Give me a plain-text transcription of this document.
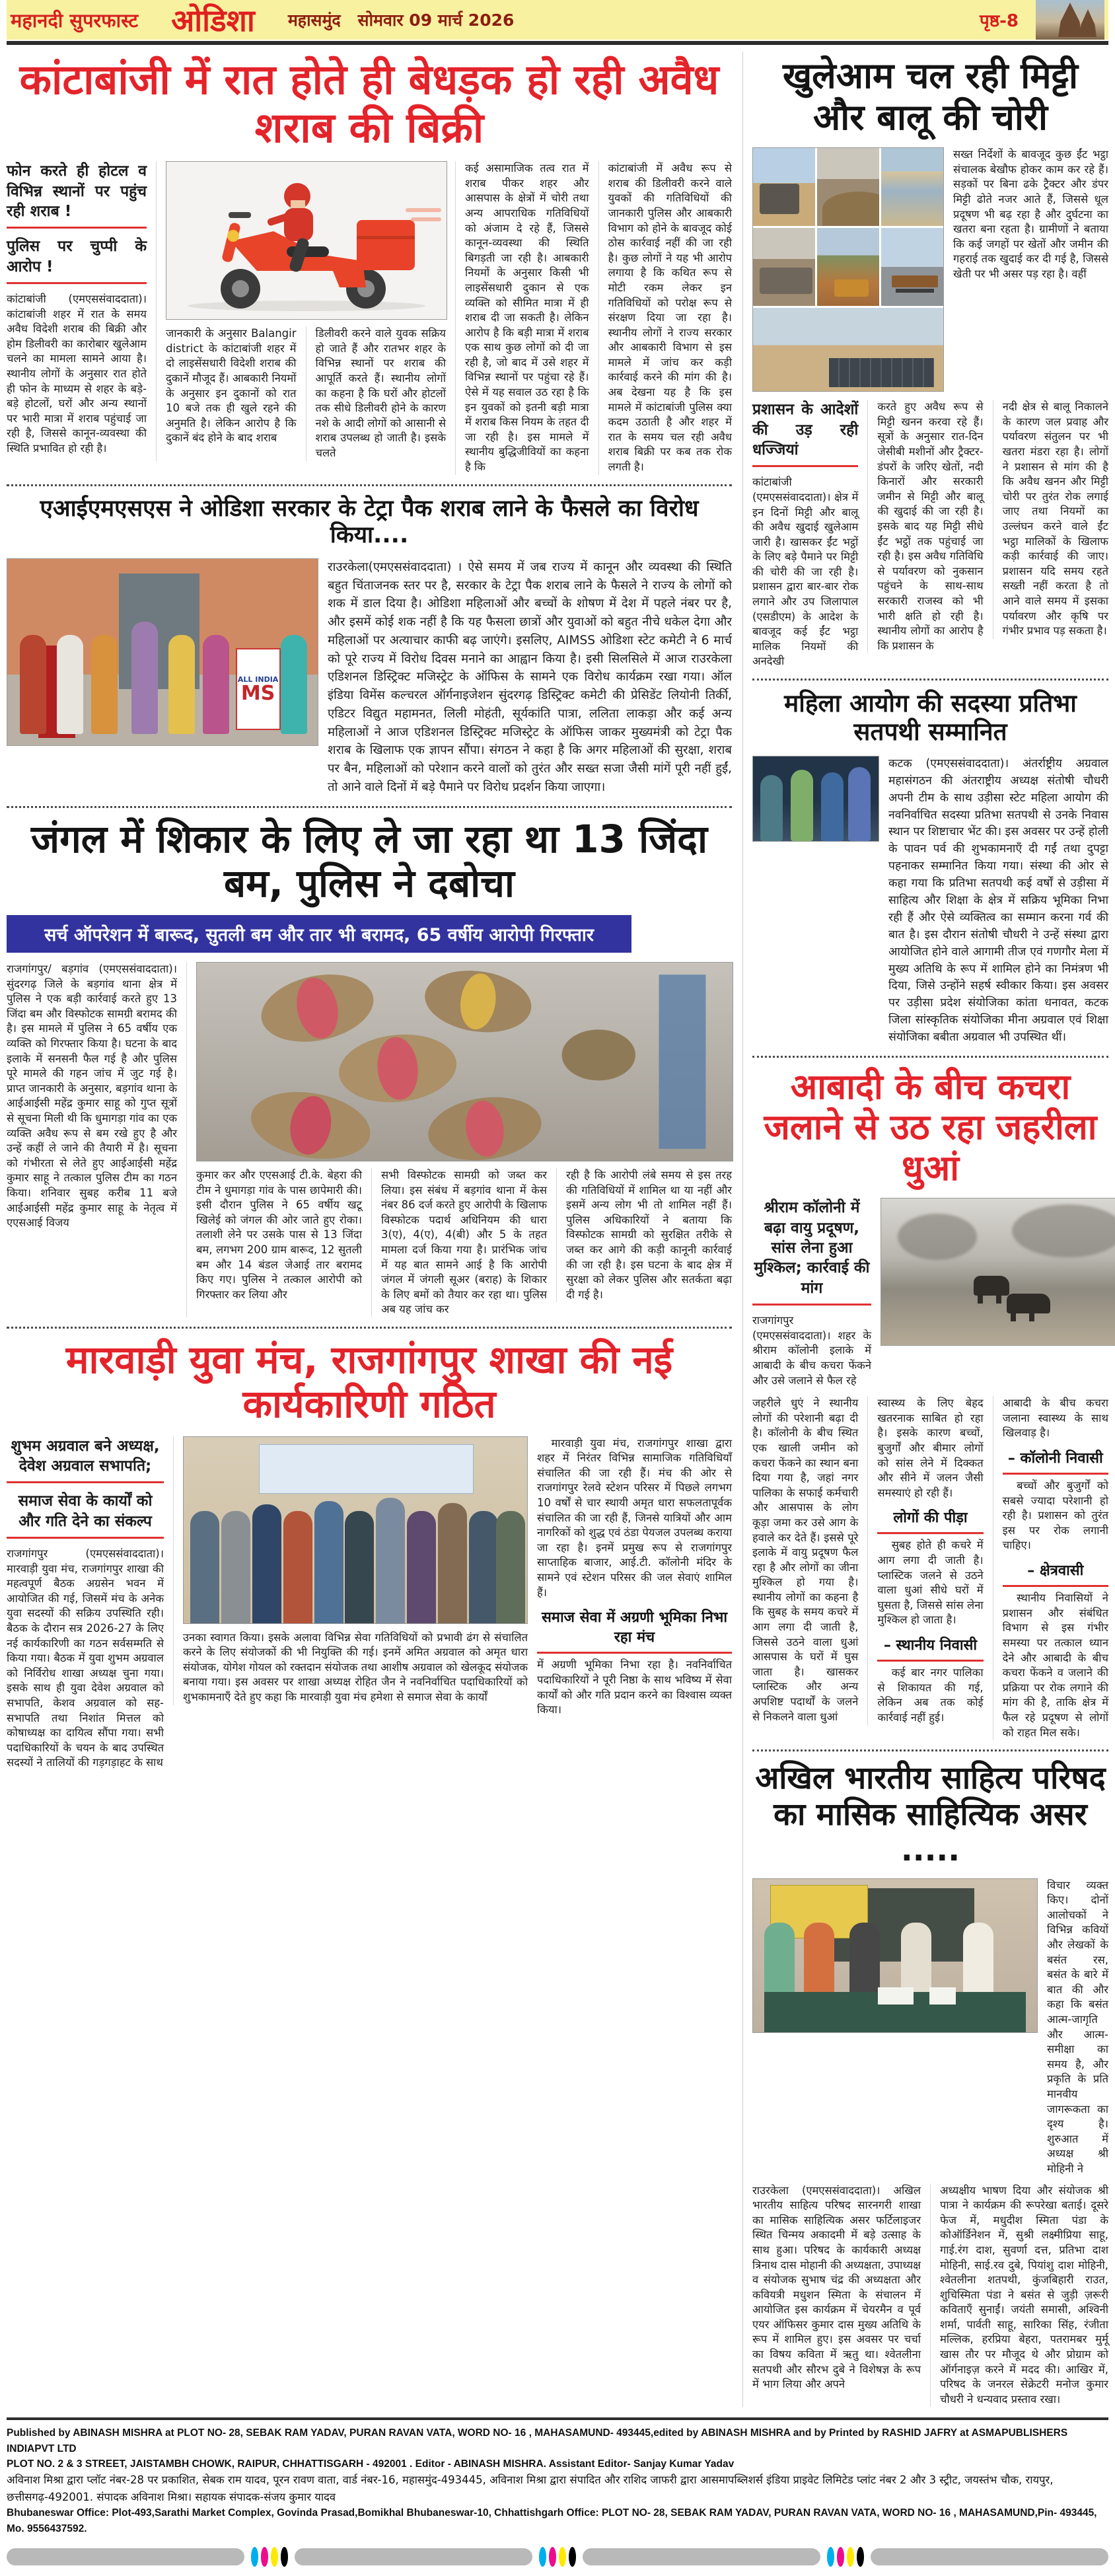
महानदी सुपरफास्ट ओडिशा महासमुंद सोमवार 09 मार्च 2026	पृष्ठ-8
कांटाबांजी में रात होते ही बेधड़क हो रही अवैध शराब की बिक्री
फोन करते ही होटल व विभिन्न स्थानों पर पहुंच रही शराब !
पुलिस पर चुप्पी के आरोप !
कांटाबांजी (एमएससंवाददाता)। कांटाबांजी शहर में रात के समय अवैध विदेशी शराब की बिक्री और होम डिलीवरी का कारोबार खुलेआम चलने का मामला सामने आया है। स्थानीय लोगों के अनुसार रात होते ही फोन के माध्यम से शहर के बड़े-बड़े होटलों, घरों और अन्य स्थानों पर भारी मात्रा में शराब पहुंचाई जा रही है, जिससे कानून-व्यवस्था की स्थिति प्रभावित हो रही है।
जानकारी के अनुसार Balangir district के कांटाबांजी शहर में दो लाइसेंसधारी विदेशी शराब की दुकानें मौजूद हैं। आबकारी नियमों के अनुसार इन दुकानों को रात 10 बजे तक ही खुले रहने की अनुमति है। लेकिन आरोप है कि दुकानें बंद होने के बाद शराब
डिलीवरी करने वाले युवक सक्रिय हो जाते हैं और रातभर शहर के विभिन्न स्थानों पर शराब की आपूर्ति करते हैं। स्थानीय लोगों का कहना है कि घरों और होटलों तक सीधे डिलीवरी होने के कारण नशे के आदी लोगों को आसानी से शराब उपलब्ध हो जाती है। इसके चलते
कई असामाजिक तत्व रात में शराब पीकर शहर और आसपास के क्षेत्रों में चोरी तथा अन्य आपराधिक गतिविधियों को अंजाम दे रहे हैं, जिससे कानून-व्यवस्था की स्थिति बिगड़ती जा रही है। आबकारी नियमों के अनुसार किसी भी लाइसेंसधारी दुकान से एक व्यक्ति को सीमित मात्रा में ही शराब दी जा सकती है। लेकिन आरोप है कि बड़ी मात्रा में शराब एक साथ कुछ लोगों को दी जा रही है, जो बाद में उसे शहर में विभिन्न स्थानों पर पहुंचा रहे हैं। ऐसे में यह सवाल उठ रहा है कि इन युवकों को इतनी बड़ी मात्रा में शराब किस नियम के तहत दी जा रही है। इस मामले में स्थानीय बुद्धिजीवियों का कहना है कि
कांटाबांजी में अवैध रूप से शराब की डिलीवरी करने वाले युवकों की गतिविधियों की जानकारी पुलिस और आबकारी विभाग को होने के बावजूद कोई ठोस कार्रवाई नहीं की जा रही है। कुछ लोगों ने यह भी आरोप लगाया है कि कथित रूप से मोटी रकम लेकर इन गतिविधियों को परोक्ष रूप से संरक्षण दिया जा रहा है। स्थानीय लोगों ने राज्य सरकार और आबकारी विभाग से इस मामले में जांच कर कड़ी कार्रवाई करने की मांग की है। अब देखना यह है कि इस मामले में कांटाबांजी पुलिस क्या कदम उठाती है और शहर में रात के समय चल रही अवैध शराब बिक्री पर कब तक रोक लगती है।
एआईएमएसएस ने ओडिशा सरकार के टेट्रा पैक शराब लाने के फैसले का विरोध किया....
ALL INDIA
MS
राउरकेला(एमएससंवाददाता) । ऐसे समय में जब राज्य में कानून और व्यवस्था की स्थिति बहुत चिंताजनक स्तर पर है, सरकार के टेट्रा पैक शराब लाने के फैसले ने राज्य के लोगों को शक में डाल दिया है। ओडिशा महिलाओं और बच्चों के शोषण में देश में पहले नंबर पर है, और इसमें कोई शक नहीं है कि यह फैसला छात्रों और युवाओं को बहुत नीचे धकेल देगा और महिलाओं पर अत्याचार काफी बढ़ जाएंगे। इसलिए, AIMSS ओडिशा स्टेट कमेटी ने 6 मार्च को पूरे राज्य में विरोध दिवस मनाने का आह्वान किया है। इसी सिलसिले में आज राउरकेला एडिशनल डिस्ट्रिक्ट मजिस्ट्रेट के ऑफिस के सामने एक विरोध कार्यक्रम रखा गया। ऑल इंडिया विमेंस कल्चरल ऑर्गनाइजेशन सुंदरगढ़ डिस्ट्रिक्ट कमेटी की प्रेसिडेंट लियोनी तिर्की, एडिटर विद्युत महामनत, लिली मोहंती, सूर्यकांति पात्रा, ललिता लाकड़ा और कई अन्य महिलाओं ने आज एडिशनल डिस्ट्रिक्ट मजिस्ट्रेट के ऑफिस जाकर मुख्यमंत्री को टेट्रा पैक शराब के खिलाफ एक ज्ञापन सौंपा। संगठन ने कहा है कि अगर महिलाओं की सुरक्षा, शराब पर बैन, महिलाओं को परेशान करने वालों को तुरंत और सख्त सजा जैसी मांगें पूरी नहीं हुईं, तो आने वाले दिनों में बड़े पैमाने पर विरोध प्रदर्शन किया जाएगा।
जंगल में शिकार के लिए ले जा रहा था 13 जिंदा बम, पुलिस ने दबोचा
सर्च ऑपरेशन में बारूद, सुतली बम और तार भी बरामद, 65 वर्षीय आरोपी गिरफ्तार
राजगांगपुर/ बड़गांव (एमएससंवाददाता)। सुंदरगढ़ जिले के बड़गांव थाना क्षेत्र में पुलिस ने एक बड़ी कार्रवाई करते हुए 13 जिंदा बम और विस्फोटक सामग्री बरामद की है। इस मामले में पुलिस ने 65 वर्षीय एक व्यक्ति को गिरफ्तार किया है। घटना के बाद इलाके में सनसनी फैल गई है और पुलिस पूरे मामले की गहन जांच में जुट गई है। प्राप्त जानकारी के अनुसार, बड़गांव थाना के आईआईसी महेंद्र कुमार साहू को गुप्त सूत्रों से सूचना मिली थी कि धुमागड़ा गांव का एक व्यक्ति अवैध रूप से बम रखे हुए है और उन्हें कहीं ले जाने की तैयारी में है। सूचना को गंभीरता से लेते हुए आईआईसी महेंद्र कुमार साहू ने तत्काल पुलिस टीम का गठन किया। शनिवार सुबह करीब 11 बजे आईआईसी महेंद्र कुमार साहू के नेतृत्व में एएसआई विजय
कुमार कर और एएसआई टी.के. बेहरा की टीम ने धुमागड़ा गांव के पास छापेमारी की। इसी दौरान पुलिस ने 65 वर्षीय खटू खिलेई को जंगल की ओर जाते हुए रोका। तलाशी लेने पर उसके पास से 13 जिंदा बम, लगभग 200 ग्राम बारूद, 12 सुतली बम और 14 बंडल जेआई तार बरामद किए गए। पुलिस ने तत्काल आरोपी को गिरफ्तार कर लिया और
सभी विस्फोटक सामग्री को जब्त कर लिया। इस संबंध में बड़गांव थाना में केस नंबर 86 दर्ज करते हुए आरोपी के खिलाफ विस्फोटक पदार्थ अधिनियम की धारा 3(ए), 4(ए), 4(बी) और 5 के तहत मामला दर्ज किया गया है। प्रारंभिक जांच में यह बात सामने आई है कि आरोपी जंगल में जंगली सूअर (बराह) के शिकार के लिए बमों को तैयार कर रहा था। पुलिस अब यह जांच कर
रही है कि आरोपी लंबे समय से इस तरह की गतिविधियों में शामिल था या नहीं और इसमें अन्य लोग भी तो शामिल नहीं हैं। पुलिस अधिकारियों ने बताया कि विस्फोटक सामग्री को सुरक्षित तरीके से जब्त कर आगे की कड़ी कानूनी कार्रवाई की जा रही है। इस घटना के बाद क्षेत्र में सुरक्षा को लेकर पुलिस और सतर्कता बढ़ा दी गई है।
मारवाड़ी युवा मंच, राजगांगपुर शाखा की नई कार्यकारिणी गठित
शुभम अग्रवाल बने अध्यक्ष, देवेश अग्रवाल सभापति;
समाज सेवा के कार्यों को और गति देने का संकल्प
राजगांगपुर (एमएससंवाददाता)। मारवाड़ी युवा मंच, राजगांगपुर शाखा की महत्वपूर्ण बैठक अग्रसेन भवन में आयोजित की गई, जिसमें मंच के अनेक युवा सदस्यों की सक्रिय उपस्थिति रही। बैठक के दौरान सत्र 2026-27 के लिए नई कार्यकारिणी का गठन सर्वसम्मति से किया गया। बैठक में युवा शुभम अग्रवाल को निर्विरोध शाखा अध्यक्ष चुना गया। इसके साथ ही युवा देवेश अग्रवाल को सभापति, केशव अग्रवाल को सह-सभापति तथा निशांत मित्तल को कोषाध्यक्ष का दायित्व सौंपा गया। सभी पदाधिकारियों के चयन के बाद उपस्थित सदस्यों ने तालियों की गड़गड़ाहट के साथ
उनका स्वागत किया। इसके अलावा विभिन्न सेवा गतिविधियों को प्रभावी ढंग से संचालित करने के लिए संयोजकों की भी नियुक्ति की गई। इनमें अमित अग्रवाल को अमृत धारा संयोजक, योगेश गोयल को रक्तदान संयोजक तथा आशीष अग्रवाल को खेलकूद संयोजक बनाया गया। इस अवसर पर शाखा अध्यक्ष रोहित जैन ने नवनिर्वाचित पदाधिकारियों को शुभकामनाएँ देते हुए कहा कि मारवाड़ी युवा मंच हमेशा से समाज सेवा के कार्यों
मारवाड़ी युवा मंच, राजगांगपुर शाखा द्वारा शहर में निरंतर विभिन्न सामाजिक गतिविधियाँ संचालित की जा रही हैं। मंच की ओर से राजगांगपुर रेलवे स्टेशन परिसर में पिछले लगभग 10 वर्षों से चार स्थायी अमृत धारा सफलतापूर्वक संचालित की जा रही हैं, जिनसे यात्रियों और आम नागरिकों को शुद्ध एवं ठंडा पेयजल उपलब्ध कराया जा रहा है। इनमें प्रमुख रूप से राजगांगपुर साप्ताहिक बाजार, आई.टी. कॉलोनी मंदिर के सामने एवं स्टेशन परिसर की जल सेवाएं शामिल हैं।
समाज सेवा में अग्रणी भूमिका निभा रहा मंच
में अग्रणी भूमिका निभा रहा है। नवनिर्वाचित पदाधिकारियों ने पूरी निष्ठा के साथ भविष्य में सेवा कार्यों को और गति प्रदान करने का विश्वास व्यक्त किया।
खुलेआम चल रही मिट्टी और बालू की चोरी
सख्त निर्देशों के बावजूद कुछ ईंट भट्ठा संचालक बेखौफ होकर काम कर रहे हैं। सड़कों पर बिना ढके ट्रैक्टर और डंपर मिट्टी ढोते नजर आते हैं, जिससे धूल प्रदूषण भी बढ़ रहा है और दुर्घटना का खतरा बना रहता है। ग्रामीणों ने बताया कि कई जगहों पर खेतों और जमीन की गहराई तक खुदाई कर दी गई है, जिससे खेती पर भी असर पड़ रहा है। वहीं
प्रशासन के आदेशों की उड़ रही धज्जियां
कांटाबांजी (एमएससंवाददाता)। क्षेत्र में इन दिनों मिट्टी और बालू की अवैध खुदाई खुलेआम जारी है। खासकर ईंट भट्ठों के लिए बड़े पैमाने पर मिट्टी की चोरी की जा रही है। प्रशासन द्वारा बार-बार रोक लगाने और उप जिलापाल (एसडीएम) के आदेश के बावजूद कई ईंट भट्ठा मालिक नियमों की अनदेखी
करते हुए अवैध रूप से मिट्टी खनन करवा रहे हैं। सूत्रों के अनुसार रात-दिन जेसीबी मशीनों और ट्रैक्टर-डंपरों के जरिए खेतों, नदी किनारों और सरकारी जमीन से मिट्टी और बालू की खुदाई की जा रही है। इसके बाद यह मिट्टी सीधे ईंट भट्ठों तक पहुंचाई जा रही है। इस अवैध गतिविधि से पर्यावरण को नुकसान पहुंचने के साथ-साथ सरकारी राजस्व को भी भारी क्षति हो रही है। स्थानीय लोगों का आरोप है कि प्रशासन के
नदी क्षेत्र से बालू निकालने के कारण जल प्रवाह और पर्यावरण संतुलन पर भी खतरा मंडरा रहा है। लोगों ने प्रशासन से मांग की है कि अवैध खनन और मिट्टी चोरी पर तुरंत रोक लगाई जाए तथा नियमों का उल्लंघन करने वाले ईंट भट्ठा मालिकों के खिलाफ कड़ी कार्रवाई की जाए। प्रशासन यदि समय रहते सख्ती नहीं करता है तो आने वाले समय में इसका पर्यावरण और कृषि पर गंभीर प्रभाव पड़ सकता है।
महिला आयोग की सदस्या प्रतिभा सतपथी सम्मानित
कटक (एमएससंवाददाता)। अंतर्राष्ट्रीय अग्रवाल महासंगठन की अंतराष्ट्रीय अध्यक्ष संतोषी चौधरी अपनी टीम के साथ उड़ीसा स्टेट महिला आयोग की नवनिर्वाचित सदस्या प्रतिभा सतपथी से उनके निवास स्थान पर शिष्टाचार भेंट की। इस अवसर पर उन्हें होली के पावन पर्व की शुभकामनाएँ दी गईं तथा दुपट्टा पहनाकर सम्मानित किया गया। संस्था की ओर से कहा गया कि प्रतिभा सतपथी कई वर्षों से उड़ीसा में साहित्य और शिक्षा के क्षेत्र में सक्रिय भूमिका निभा रही हैं और ऐसे व्यक्तित्व का सम्मान करना गर्व की बात है। इस दौरान संतोषी चौधरी ने उन्हें संस्था द्वारा आयोजित होने वाले आगामी तीज एवं गणगौर मेला में मुख्य अतिथि के रूप में शामिल होने का निमंत्रण भी दिया, जिसे उन्होंने सहर्ष स्वीकार किया। इस अवसर पर उड़ीसा प्रदेश संयोजिका कांता धनावत, कटक जिला सांस्कृतिक संयोजिका मीना अग्रवाल एवं शिक्षा संयोजिका बबीता अग्रवाल भी उपस्थित थीं।
आबादी के बीच कचरा जलाने से उठ रहा जहरीला धुआं
श्रीराम कॉलोनी में बढ़ा वायु प्रदूषण, सांस लेना हुआ मुश्किल; कार्रवाई की मांग
राजगांगपुर (एमएससंवाददाता)। शहर के श्रीराम कॉलोनी इलाके में आबादी के बीच कचरा फेंकने और उसे जलाने से फैल रहे
जहरीले धुएं ने स्थानीय लोगों की परेशानी बढ़ा दी है। कॉलोनी के बीच स्थित एक खाली जमीन को कचरा फेंकने का स्थान बना दिया गया है, जहां नगर पालिका के सफाई कर्मचारी और आसपास के लोग कूड़ा जमा कर उसे आग के हवाले कर देते हैं। इससे पूरे इलाके में वायु प्रदूषण फैल रहा है और लोगों का जीना मुश्किल हो गया है। स्थानीय लोगों का कहना है कि सुबह के समय कचरे में आग लगा दी जाती है, जिससे उठने वाला धुआं आसपास के घरों में घुस जाता है। खासकर प्लास्टिक और अन्य अपशिष्ट पदार्थों के जलने से निकलने वाला धुआं
स्वास्थ्य के लिए बेहद खतरनाक साबित हो रहा है। इसके कारण बच्चों, बुजुर्गों और बीमार लोगों को सांस लेने में दिक्कत और सीने में जलन जैसी समस्याएं हो रही हैं।
लोगों की पीड़ा
सुबह होते ही कचरे में आग लगा दी जाती है। प्लास्टिक जलने से उठने वाला धुआं सीधे घरों में घुसता है, जिससे सांस लेना मुश्किल हो जाता है।
– स्थानीय निवासी
कई बार नगर पालिका से शिकायत की गई, लेकिन अब तक कोई कार्रवाई नहीं हुई।
आबादी के बीच कचरा जलाना स्वास्थ्य के साथ खिलवाड़ है।
– कॉलोनी निवासी
बच्चों और बुजुर्गों को सबसे ज्यादा परेशानी हो रही है। प्रशासन को तुरंत इस पर रोक लगानी चाहिए।
– क्षेत्रवासी
स्थानीय निवासियों ने प्रशासन और संबंधित विभाग से इस गंभीर समस्या पर तत्काल ध्यान देने और आबादी के बीच कचरा फेंकने व जलाने की प्रक्रिया पर रोक लगाने की मांग की है, ताकि क्षेत्र में फैल रहे प्रदूषण से लोगों को राहत मिल सके।
अखिल भारतीय साहित्य परिषद का मासिक साहित्यिक असर .....
विचार व्यक्त किए। दोनों आलोचकों ने विभिन्न कवियों और लेखकों के बसंत रस, बसंत के बारे में बात की और कहा कि बसंत आत्म-जागृति और आत्म-समीक्षा का समय है, और प्रकृति के प्रति मानवीय जागरूकता का दृश्य है। शुरुआत में अध्यक्ष श्री मोहिनी ने
राउरकेला (एमएससंवाददाता)। अखिल भारतीय साहित्य परिषद सारनगरी शाखा का मासिक साहित्यिक असर फर्टिलाइजर स्थित चिन्मय अकादमी में बड़े उत्साह के साथ हुआ। परिषद के कार्यकारी अध्यक्ष त्रिनाथ दास मोहानी की अध्यक्षता, उपाध्यक्ष व संयोजक सुभाष चंद्र की अध्यक्षता और कवियत्री मधुशन स्मिता के संचालन में आयोजित इस कार्यक्रम में चेयरमैन व पूर्व एयर ऑफिसर कुमार दास मुख्य अतिथि के रूप में शामिल हुए। इस अवसर पर चर्चा का विषय कविता में ऋतु था। श्वेतलीना सतपथी और सौरभ दुबे ने विशेषज्ञ के रूप में भाग लिया और अपने
अध्यक्षीय भाषण दिया और संयोजक श्री पात्रा ने कार्यक्रम की रूपरेखा बताई। दूसरे फेज में, मधुदीश स्मिता पंडा के कोऑर्डिनेशन में, सुश्री लक्ष्मीप्रिया साहू, गाई.रंग दाश, सुवर्णा दत्त, प्रतिभा दाश मोहिनी, साई.रव दुबे, पियांशु दाश मोहिनी, श्वेतलीना शतपथी, कुंजबिहारी राउत, शुचिस्मिता पंडा ने बसंत से जुड़ी ज़रूरी कविताएँ सुनाईं। जयंती समासी, अश्विनी शर्मा, पार्वती साहू, सारिका सिंह, रंजीता मल्लिक, हरप्रिया बेहरा, पतरामबर मुर्मू खास तौर पर मौजूद थे और प्रोग्राम को ऑर्गनाइज़ करने में मदद की। आखिर में, परिषद के जनरल सेक्रेटरी मनोज कुमार चौधरी ने धन्यवाद प्रस्ताव रखा।
Published by ABINASH MISHRA at PLOT NO- 28, SEBAK RAM YADAV, PURAN RAVAN VATA, WORD NO- 16 , MAHASAMUND- 493445,edited by ABINASH MISHRA and by Printed by RASHID JAFRY at ASMAPUBLISHERS INDIAPVT LTD
PLOT NO. 2 & 3 STREET, JAISTAMBH CHOWK, RAIPUR, CHHATTISGARH - 492001 . Editor - ABINASH MISHRA. Assistant Editor- Sanjay Kumar Yadav
अविनाश मिश्रा द्वारा प्लॉट नंबर-28 पर प्रकाशित, सेबक राम यादव, पूरन रावण वाता, वार्ड नंबर-16, महासमुंद-493445, अविनाश मिश्रा द्वारा संपादित और राशिद जाफरी द्वारा आसमापब्लिशर्स इंडिया प्राइवेट लिमिटेड प्लांट नंबर 2 और 3 स्ट्रीट, जयस्तंभ चौक, रायपुर,
छत्तीसगढ़-492001. संपादक अविनाश मिश्रा। सहायक संपादक-संजय कुमार यादव
Bhubaneswar Office: Plot-493,Sarathi Market Complex, Govinda Prasad,Bomikhal Bhubaneswar-10, Chhattishgarh Office: PLOT NO- 28, SEBAK RAM YADAV, PURAN RAVAN VATA, WORD NO- 16 , MAHASAMUND,Pin- 493445, Mo. 9556437592.
